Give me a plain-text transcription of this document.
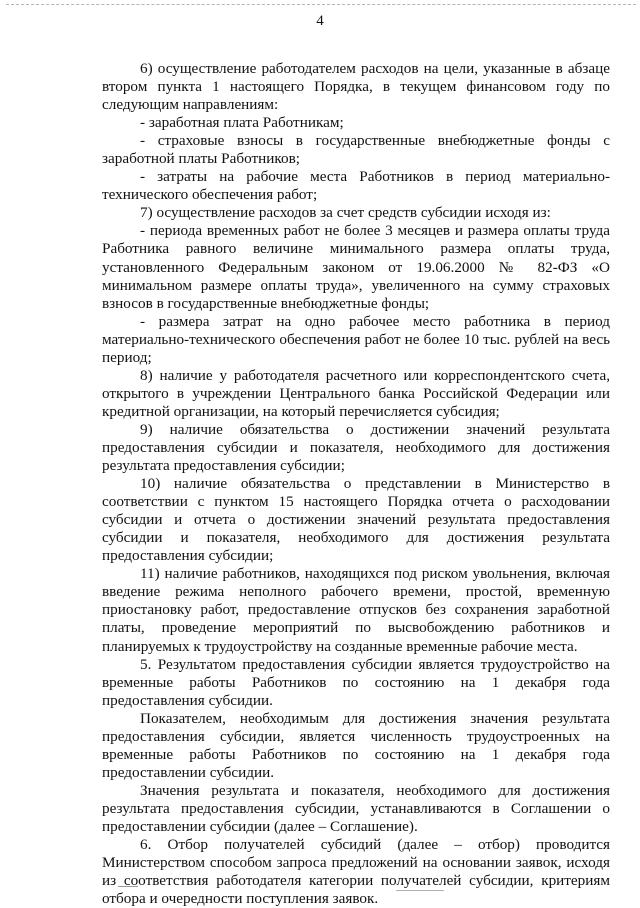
4

6) осуществление работодателем расходов на цели, указанные в абзаце втором пункта 1 настоящего Порядка, в текущем финансовом году по следующим направлениям:

- заработная плата Работникам;

- страховые взносы в государственные внебюджетные фонды с заработной платы Работников;

- затраты на рабочие места Работников в период материально-технического обеспечения работ;

7) осуществление расходов за счет средств субсидии исходя из:

- периода временных работ не более 3 месяцев и размера оплаты труда Работника равного величине минимального размера оплаты труда, установленного Федеральным законом от 19.06.2000 № 82-ФЗ «О минимальном размере оплаты труда», увеличенного на сумму страховых взносов в государственные внебюджетные фонды;

- размера затрат на одно рабочее место работника в период материально-технического обеспечения работ не более 10 тыс. рублей на весь период;

8) наличие у работодателя расчетного или корреспондентского счета, открытого в учреждении Центрального банка Российской Федерации или кредитной организации, на который перечисляется субсидия;

9) наличие обязательства о достижении значений результата предоставления субсидии и показателя, необходимого для достижения результата предоставления субсидии;

10) наличие обязательства о представлении в Министерство в соответствии с пунктом 15 настоящего Порядка отчета о расходовании субсидии и отчета о достижении значений результата предоставления субсидии и показателя, необходимого для достижения результата предоставления субсидии;

11) наличие работников, находящихся под риском увольнения, включая введение режима неполного рабочего времени, простой, временную приостановку работ, предоставление отпусков без сохранения заработной платы, проведение мероприятий по высвобождению работников и планируемых к трудоустройству на созданные временные рабочие места.

5. Результатом предоставления субсидии является трудоустройство на временные работы Работников по состоянию на 1 декабря года предоставления субсидии.

Показателем, необходимым для достижения значения результата предоставления субсидии, является численность трудоустроенных на временные работы Работников по состоянию на 1 декабря года предоставлении субсидии.

Значения результата и показателя, необходимого для достижения результата предоставления субсидии, устанавливаются в Соглашении о предоставлении субсидии (далее – Соглашение).

6. Отбор получателей субсидий (далее – отбор) проводится Министерством способом запроса предложений на основании заявок, исходя из соответствия работодателя категории получателей субсидии, критериям отбора и очередности поступления заявок.
